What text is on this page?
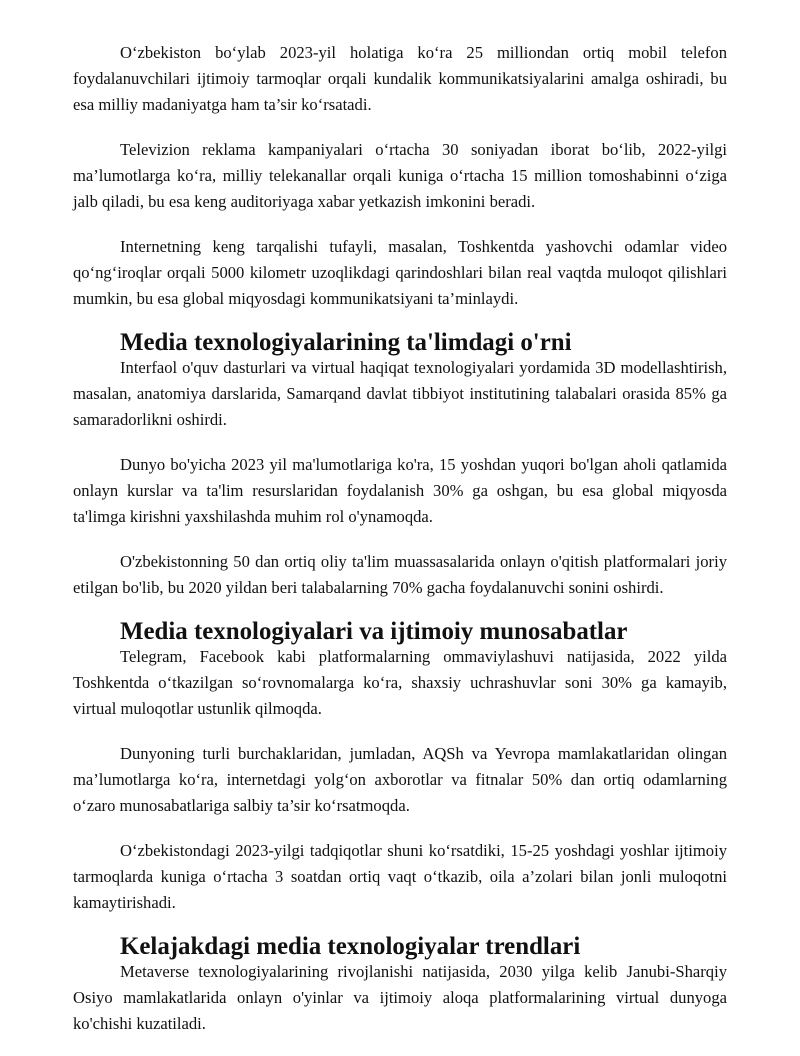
O‘zbekiston bo‘ylab 2023-yil holatiga ko‘ra 25 milliondan ortiq mobil telefon foydalanuvchilari ijtimoiy tarmoqlar orqali kundalik kommunikatsiyalarini amalga oshiradi, bu esa milliy madaniyatga ham ta’sir ko‘rsatadi.

Televizion reklama kampaniyalari o‘rtacha 30 soniyadan iborat bo‘lib, 2022-yilgi ma’lumotlarga ko‘ra, milliy telekanallar orqali kuniga o‘rtacha 15 million tomoshabinni o‘ziga jalb qiladi, bu esa keng auditoriyaga xabar yetkazish imkonini beradi.

Internetning keng tarqalishi tufayli, masalan, Toshkentda yashovchi odamlar video qo‘ng‘iroqlar orqali 5000 kilometr uzoqlikdagi qarindoshlari bilan real vaqtda muloqot qilishlari mumkin, bu esa global miqyosdagi kommunikatsiyani ta’minlaydi.

Media texnologiyalarining ta'limdagi o'rni

Interfaol o'quv dasturlari va virtual haqiqat texnologiyalari yordamida 3D modellashtirish, masalan, anatomiya darslarida, Samarqand davlat tibbiyot institutining talabalari orasida 85% ga samaradorlikni oshirdi.

Dunyo bo'yicha 2023 yil ma'lumotlariga ko'ra, 15 yoshdan yuqori bo'lgan aholi qatlamida onlayn kurslar va ta'lim resurslaridan foydalanish 30% ga oshgan, bu esa global miqyosda ta'limga kirishni yaxshilashda muhim rol o'ynamoqda.

O'zbekistonning 50 dan ortiq oliy ta'lim muassasalarida onlayn o'qitish platformalari joriy etilgan bo'lib, bu 2020 yildan beri talabalarning 70% gacha foydalanuvchi sonini oshirdi.

Media texnologiyalari va ijtimoiy munosabatlar

Telegram, Facebook kabi platformalarning ommaviylashuvi natijasida, 2022 yilda Toshkentda o‘tkazilgan so‘rovnomalarga ko‘ra, shaxsiy uchrashuvlar soni 30% ga kamayib, virtual muloqotlar ustunlik qilmoqda.

Dunyoning turli burchaklaridan, jumladan, AQSh va Yevropa mamlakatlaridan olingan ma’lumotlarga ko‘ra, internetdagi yolg‘on axborotlar va fitnalar 50% dan ortiq odamlarning o‘zaro munosabatlariga salbiy ta’sir ko‘rsatmoqda.

O‘zbekistondagi 2023-yilgi tadqiqotlar shuni ko‘rsatdiki, 15-25 yoshdagi yoshlar ijtimoiy tarmoqlarda kuniga o‘rtacha 3 soatdan ortiq vaqt o‘tkazib, oila a’zolari bilan jonli muloqotni kamaytirishadi.

Kelajakdagi media texnologiyalar trendlari

Metaverse texnologiyalarining rivojlanishi natijasida, 2030 yilga kelib Janubi-Sharqiy Osiyo mamlakatlarida onlayn o'yinlar va ijtimoiy aloqa platformalarining virtual dunyoga ko'chishi kuzatiladi.
